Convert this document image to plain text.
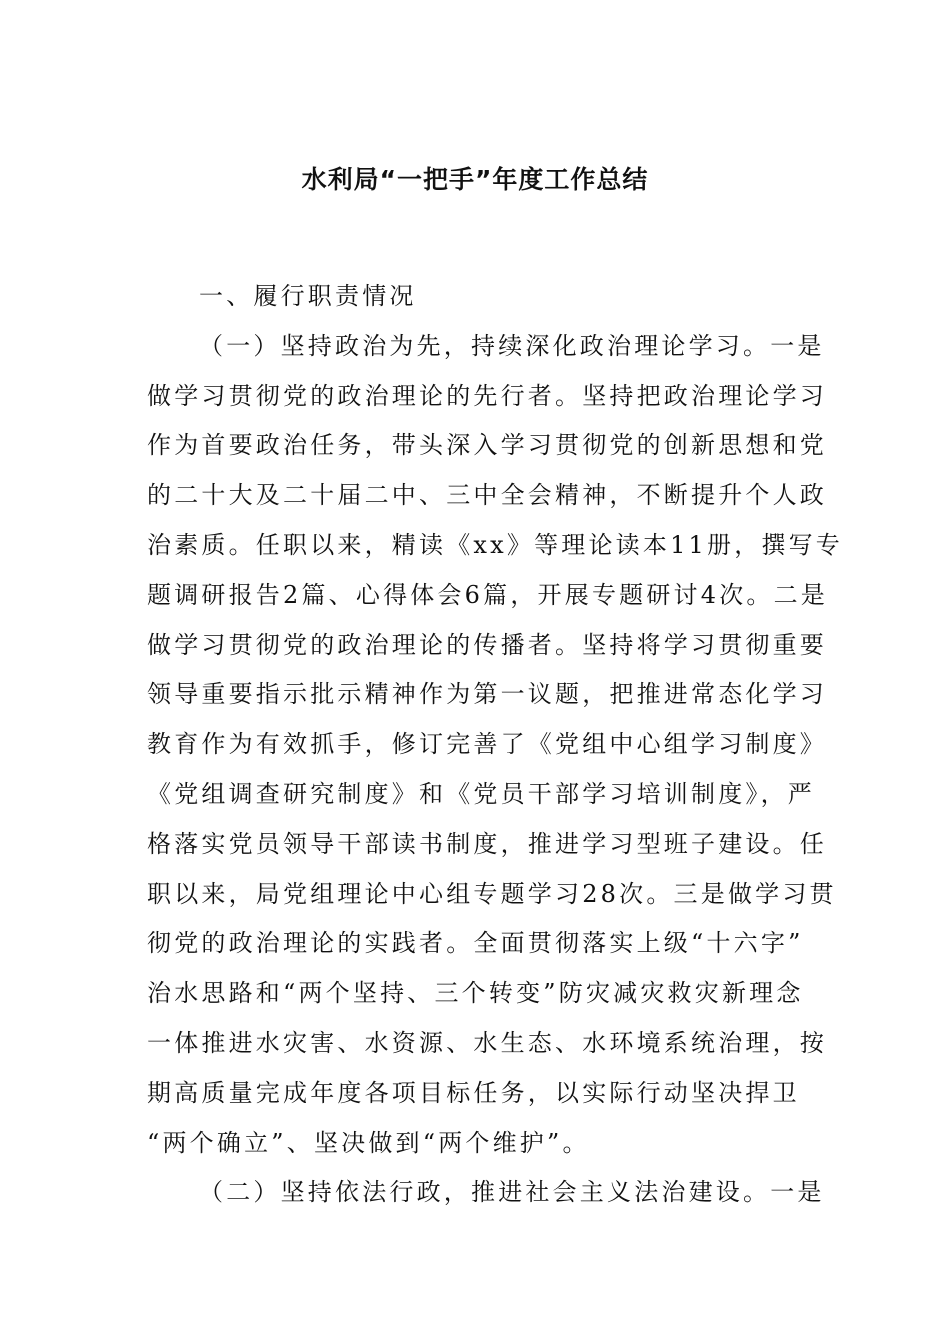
水利局“一把手”年度工作总结
一、履行职责情况
（一）坚持政治为先，持续深化政治理论学习。一是
做学习贯彻党的政治理论的先行者。坚持把政治理论学习
作为首要政治任务，带头深入学习贯彻党的创新思想和党
的二十大及二十届二中、三中全会精神，不断提升个人政
治素质。任职以来，精读《xx》等理论读本11册，撰写专
题调研报告2篇、心得体会6篇，开展专题研讨4次。二是
做学习贯彻党的政治理论的传播者。坚持将学习贯彻重要
领导重要指示批示精神作为第一议题，把推进常态化学习
教育作为有效抓手，修订完善了《党组中心组学习制度》
《党组调查研究制度》和《党员干部学习培训制度》，严
格落实党员领导干部读书制度，推进学习型班子建设。任
职以来，局党组理论中心组专题学习28次。三是做学习贯
彻党的政治理论的实践者。全面贯彻落实上级“十六字”
治水思路和“两个坚持、三个转变”防灾减灾救灾新理念
一体推进水灾害、水资源、水生态、水环境系统治理，按
期高质量完成年度各项目标任务，以实际行动坚决捍卫
“两个确立”、坚决做到“两个维护”。
（二）坚持依法行政，推进社会主义法治建设。一是
